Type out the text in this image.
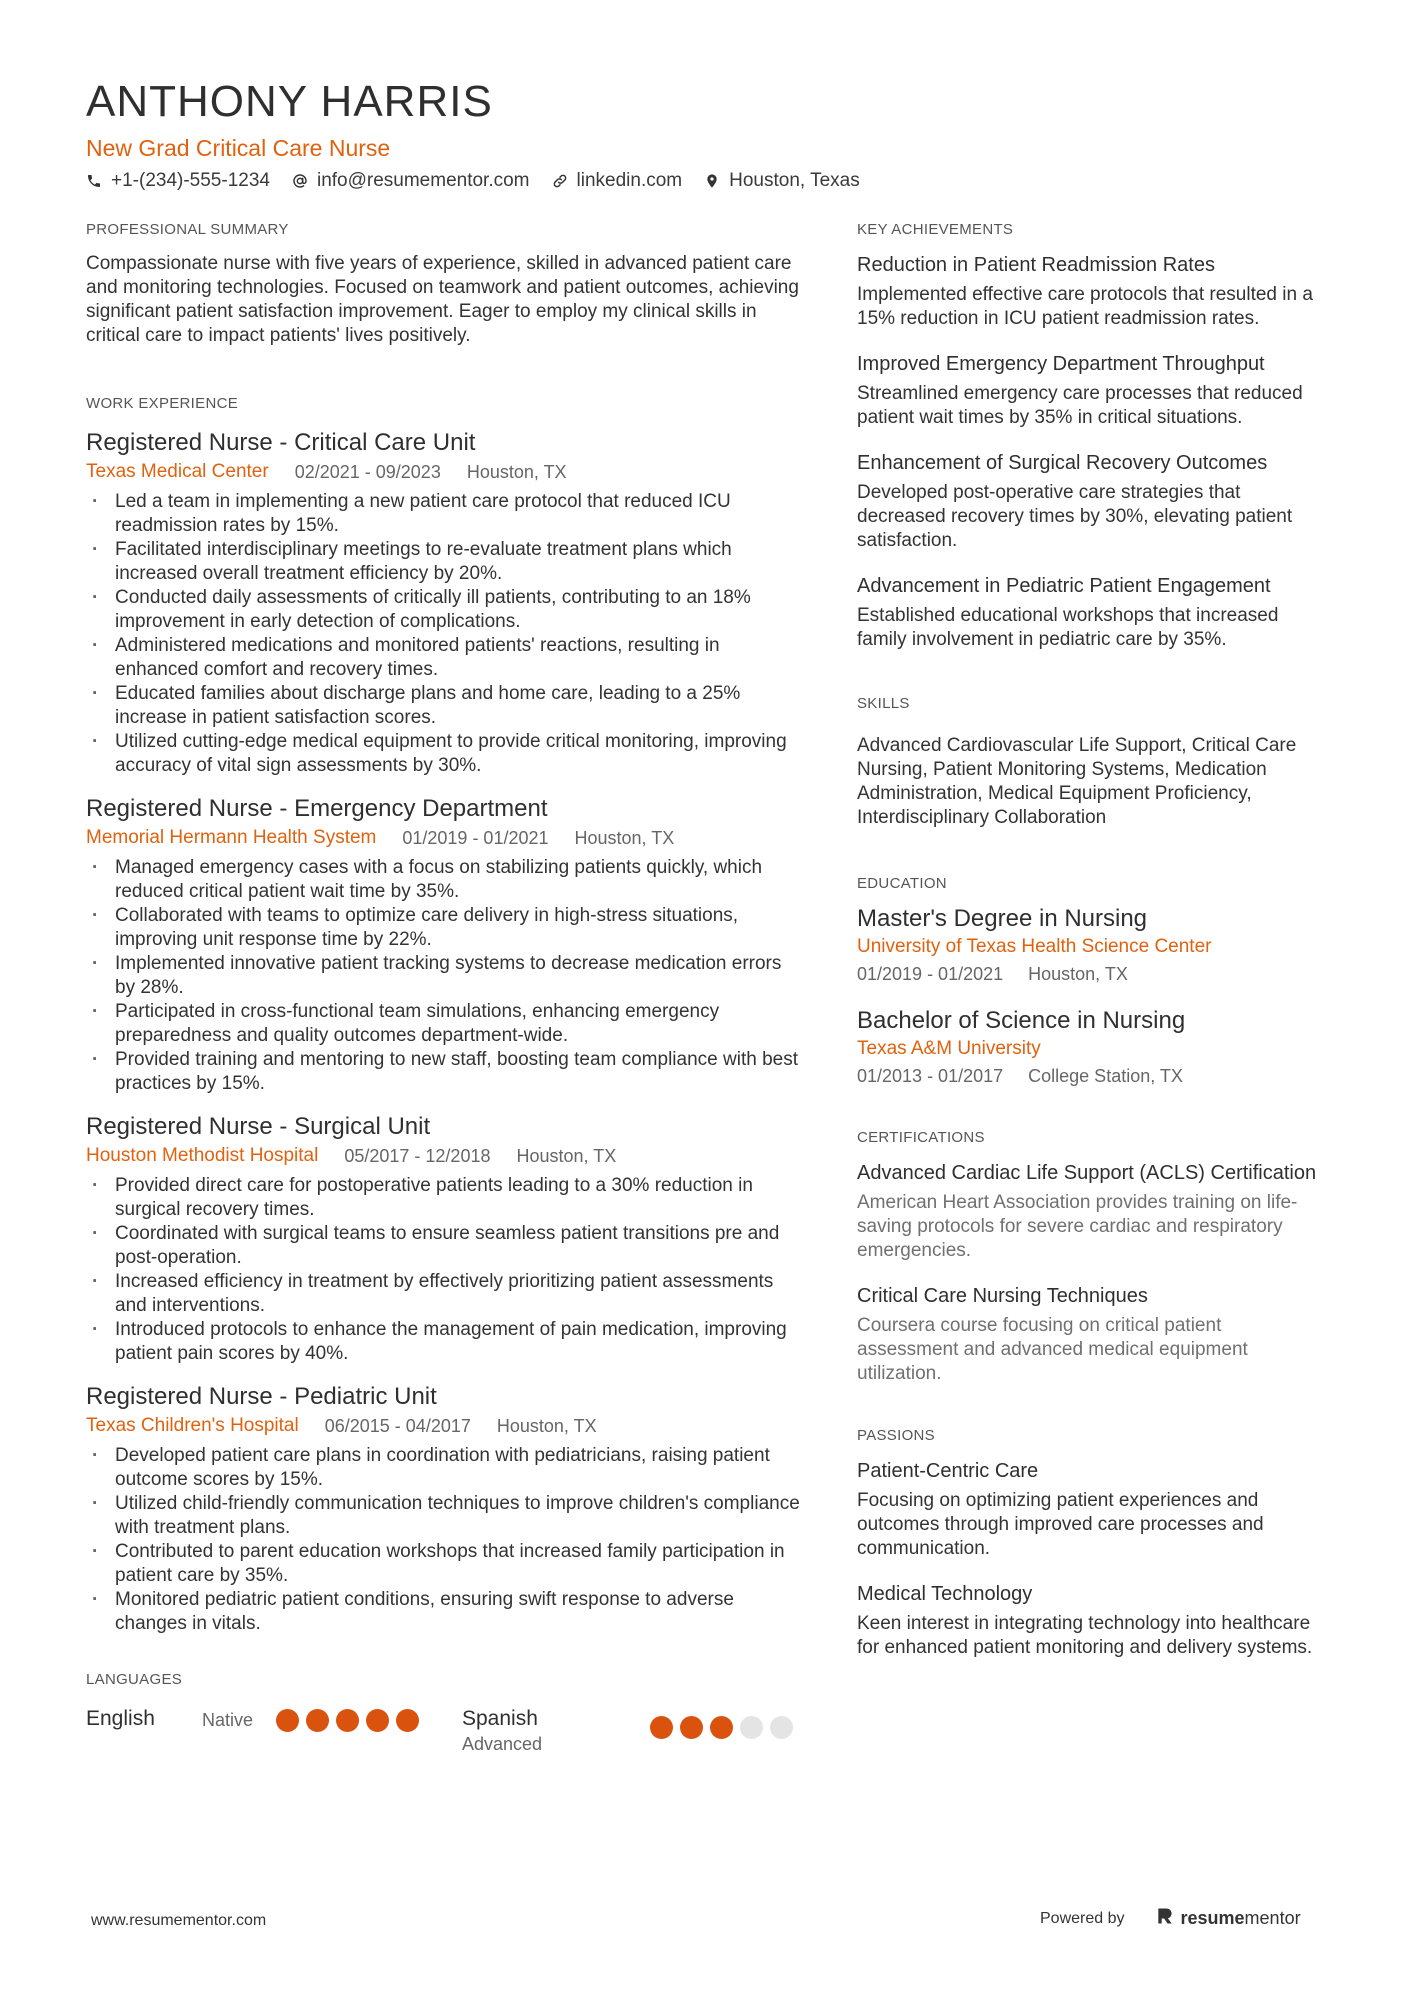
ANTHONY HARRIS
New Grad Critical Care Nurse
+1-(234)-555-1234 info@resumementor.com linkedin.com Houston, Texas
PROFESSIONAL SUMMARY
Compassionate nurse with five years of experience, skilled in advanced patient care and monitoring technologies. Focused on teamwork and patient outcomes, achieving significant patient satisfaction improvement. Eager to employ my clinical skills in critical care to impact patients' lives positively.
WORK EXPERIENCE
Registered Nurse - Critical Care Unit
Texas Medical Center 02/2021 - 09/2023 Houston, TX
· Led a team in implementing a new patient care protocol that reduced ICU readmission rates by 15%.
· Facilitated interdisciplinary meetings to re-evaluate treatment plans which increased overall treatment efficiency by 20%.
· Conducted daily assessments of critically ill patients, contributing to an 18% improvement in early detection of complications.
· Administered medications and monitored patients' reactions, resulting in enhanced comfort and recovery times.
· Educated families about discharge plans and home care, leading to a 25% increase in patient satisfaction scores.
· Utilized cutting-edge medical equipment to provide critical monitoring, improving accuracy of vital sign assessments by 30%.
Registered Nurse - Emergency Department
Memorial Hermann Health System 01/2019 - 01/2021 Houston, TX
· Managed emergency cases with a focus on stabilizing patients quickly, which reduced critical patient wait time by 35%.
· Collaborated with teams to optimize care delivery in high-stress situations, improving unit response time by 22%.
· Implemented innovative patient tracking systems to decrease medication errors by 28%.
· Participated in cross-functional team simulations, enhancing emergency preparedness and quality outcomes department-wide.
· Provided training and mentoring to new staff, boosting team compliance with best practices by 15%.
Registered Nurse - Surgical Unit
Houston Methodist Hospital 05/2017 - 12/2018 Houston, TX
· Provided direct care for postoperative patients leading to a 30% reduction in surgical recovery times.
· Coordinated with surgical teams to ensure seamless patient transitions pre and post-operation.
· Increased efficiency in treatment by effectively prioritizing patient assessments and interventions.
· Introduced protocols to enhance the management of pain medication, improving patient pain scores by 40%.
Registered Nurse - Pediatric Unit
Texas Children's Hospital 06/2015 - 04/2017 Houston, TX
· Developed patient care plans in coordination with pediatricians, raising patient outcome scores by 15%.
· Utilized child-friendly communication techniques to improve children's compliance with treatment plans.
· Contributed to parent education workshops that increased family participation in patient care by 35%.
· Monitored pediatric patient conditions, ensuring swift response to adverse changes in vitals.
LANGUAGES
English	Native	Spanish
Advanced
KEY ACHIEVEMENTS
Reduction in Patient Readmission Rates
Implemented effective care protocols that resulted in a 15% reduction in ICU patient readmission rates.
Improved Emergency Department Throughput
Streamlined emergency care processes that reduced patient wait times by 35% in critical situations.
Enhancement of Surgical Recovery Outcomes
Developed post-operative care strategies that decreased recovery times by 30%, elevating patient satisfaction.
Advancement in Pediatric Patient Engagement
Established educational workshops that increased family involvement in pediatric care by 35%.
SKILLS
Advanced Cardiovascular Life Support, Critical Care Nursing, Patient Monitoring Systems, Medication Administration, Medical Equipment Proficiency, Interdisciplinary Collaboration
EDUCATION
Master's Degree in Nursing
University of Texas Health Science Center
01/2019 - 01/2021 Houston, TX
Bachelor of Science in Nursing
Texas A&M University
01/2013 - 01/2017 College Station, TX
CERTIFICATIONS
Advanced Cardiac Life Support (ACLS) Certification
American Heart Association provides training on life-saving protocols for severe cardiac and respiratory emergencies.
Critical Care Nursing Techniques
Coursera course focusing on critical patient assessment and advanced medical equipment utilization.
PASSIONS
Patient-Centric Care
Focusing on optimizing patient experiences and outcomes through improved care processes and communication.
Medical Technology
Keen interest in integrating technology into healthcare for enhanced patient monitoring and delivery systems.
www.resumementor.com	Powered by	resumementor
